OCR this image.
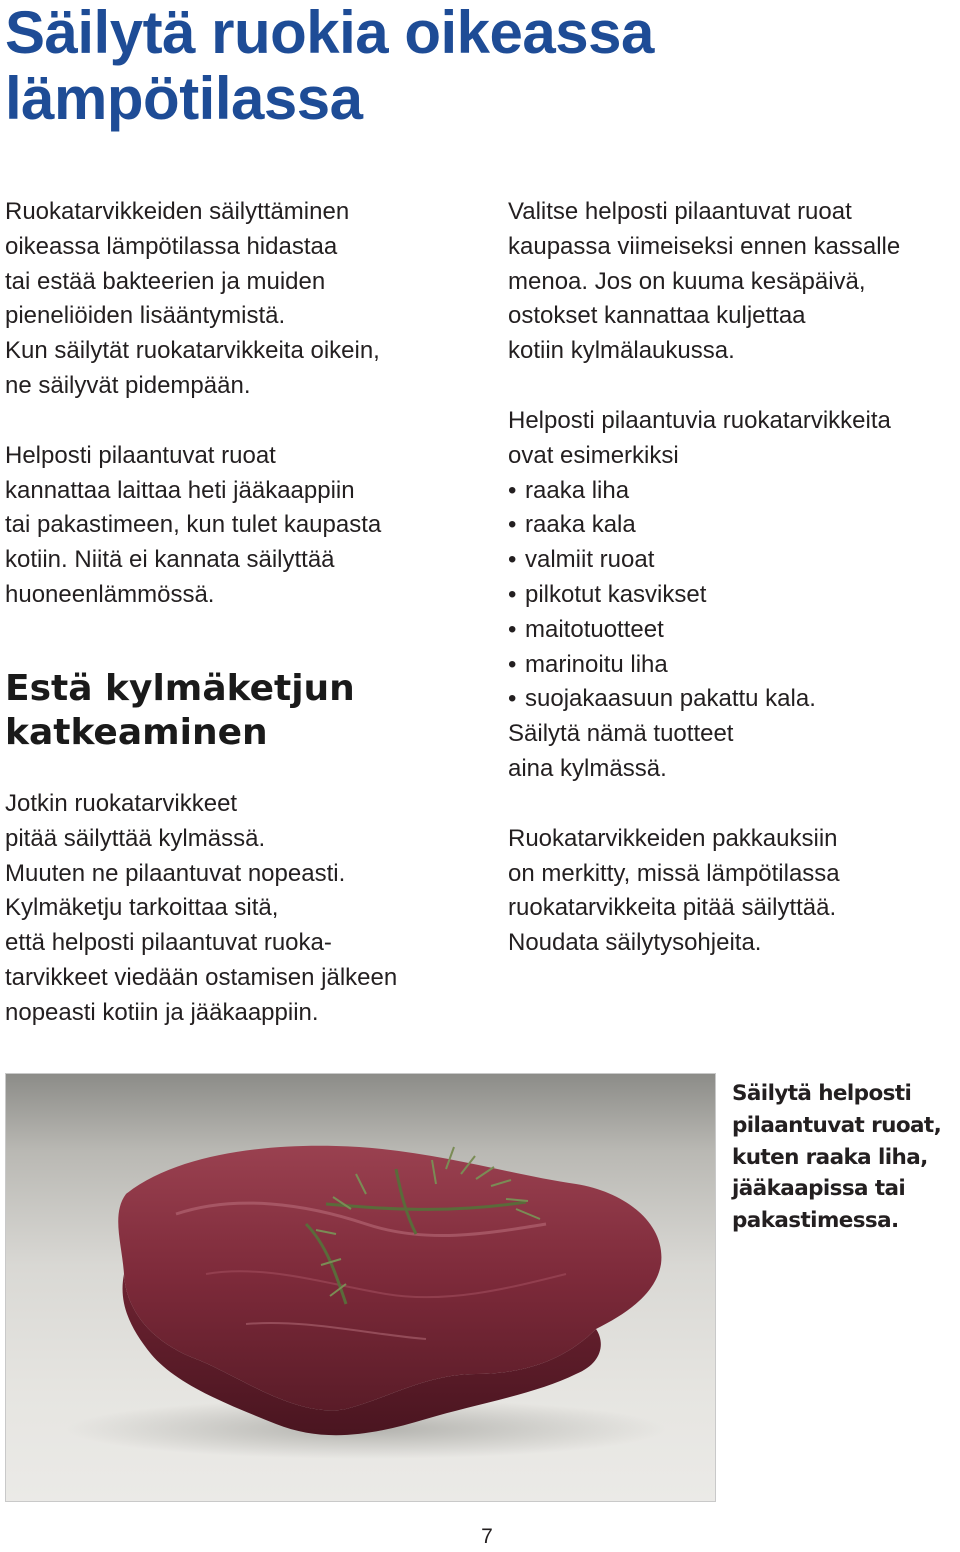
Säilytä ruokia oikeassa
lämpötilassa

Ruokatarvikkeiden säilyttäminen
oikeassa lämpötilassa hidastaa
tai estää bakteerien ja muiden
pieneliöiden lisääntymistä.
Kun säilytät ruokatarvikkeita oikein,
ne säilyvät pidempään.

Helposti pilaantuvat ruoat
kannattaa laittaa heti jääkaappiin
tai pakastimeen, kun tulet kaupasta
kotiin. Niitä ei kannata säilyttää
huoneenlämmössä.

Estä kylmäketjun
katkeaminen

Jotkin ruokatarvikkeet
pitää säilyttää kylmässä.
Muuten ne pilaantuvat nopeasti.
Kylmäketju tarkoittaa sitä,
että helposti pilaantuvat ruoka-
tarvikkeet viedään ostamisen jälkeen
nopeasti kotiin ja jääkaappiin.

Valitse helposti pilaantuvat ruoat
kaupassa viimeiseksi ennen kassalle
menoa. Jos on kuuma kesäpäivä,
ostokset kannattaa kuljettaa
kotiin kylmälaukussa.

Helposti pilaantuvia ruokatarvikkeita
ovat esimerkiksi

• raaka liha
• raaka kala
• valmiit ruoat
• pilkotut kasvikset
• maitotuotteet
• marinoitu liha
• suojakaasuun pakattu kala.

Säilytä nämä tuotteet
aina kylmässä.

Ruokatarvikkeiden pakkauksiin
on merkitty, missä lämpötilassa
ruokatarvikkeita pitää säilyttää.
Noudata säilytysohjeita.

Säilytä helposti
pilaantuvat ruoat,
kuten raaka liha,
jääkaapissa tai
pakastimessa.
7
